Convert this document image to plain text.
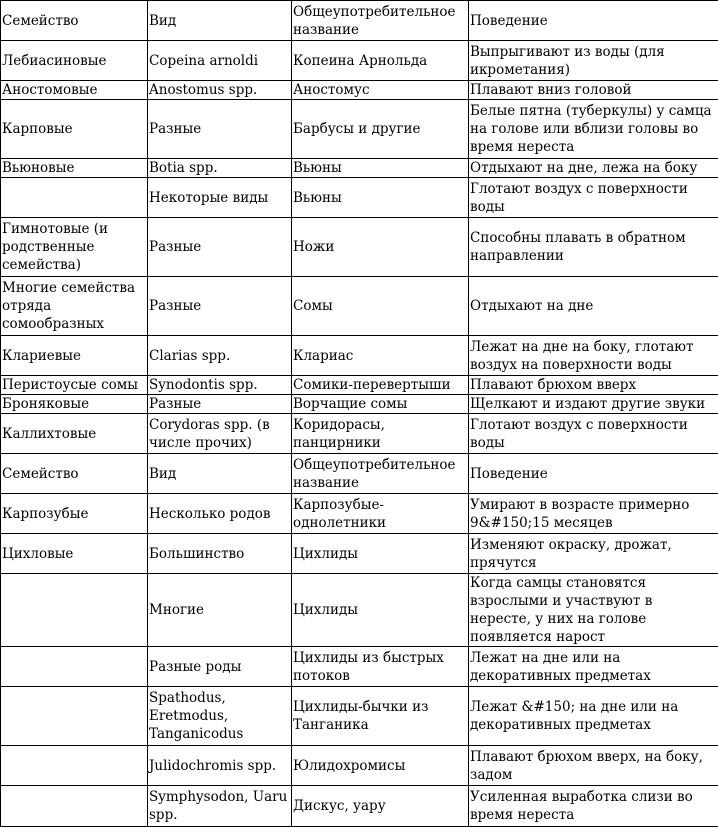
Семейство	Вид	Общеупотребительное название	Поведение
Лебиасиновые	Copeina arnoldi	Копеина Арнольда	Выпрыгивают из воды (для икрометания)
Аностомовые	Anostomus spp.	Аностомус	Плавают вниз головой
Карповые	Разные	Барбусы и другие	Белые пятна (туберкулы) у самца на голове или вблизи головы во время нереста
Вьюновые	Botia spp.	Вьюны	Отдыхают на дне, лежа на боку
	Некоторые виды	Вьюны	Глотают воздух с поверхности воды
Гимнотовые (и родственные семейства)	Разные	Ножи	Способны плавать в обратном направлении
Многие семейства отряда сомообразных	Разные	Сомы	Отдыхают на дне
Клариевые	Clarias spp.	Клариас	Лежат на дне на боку, глотают воздух на поверхности воды
Перистоусые сомы	Synodontis spp.	Сомики-перевертыши	Плавают брюхом вверх
Броняковые	Разные	Ворчащие сомы	Щелкают и издают другие звуки
Каллихтовые	Corydoras spp. (в числе прочих)	Коридорасы, панцирники	Глотают воздух с поверхности воды
Семейство	Вид	Общеупотребительное название	Поведение
Карпозубые	Несколько родов	Карпозубые-однолетники	Умирают в возрасте примерно 9&#150;15 месяцев
Цихловые	Большинство	Цихлиды	Изменяют окраску, дрожат, прячутся
	Многие	Цихлиды	Когда самцы становятся взрослыми и участвуют в нересте, у них на голове появляется нарост
	Разные роды	Цихлиды из быстрых потоков	Лежат на дне или на декоративных предметах
	Spathodus, Eretmodus, Tanganicodus	Цихлиды-бычки из Танганика	Лежат &#150; на дне или на декоративных предметах
	Julidochromis spp.	Юлидохромисы	Плавают брюхом вверх, на боку, задом
	Symphysodon, Uaru spp.	Дискус, уару	Усиленная выработка слизи во время нереста
